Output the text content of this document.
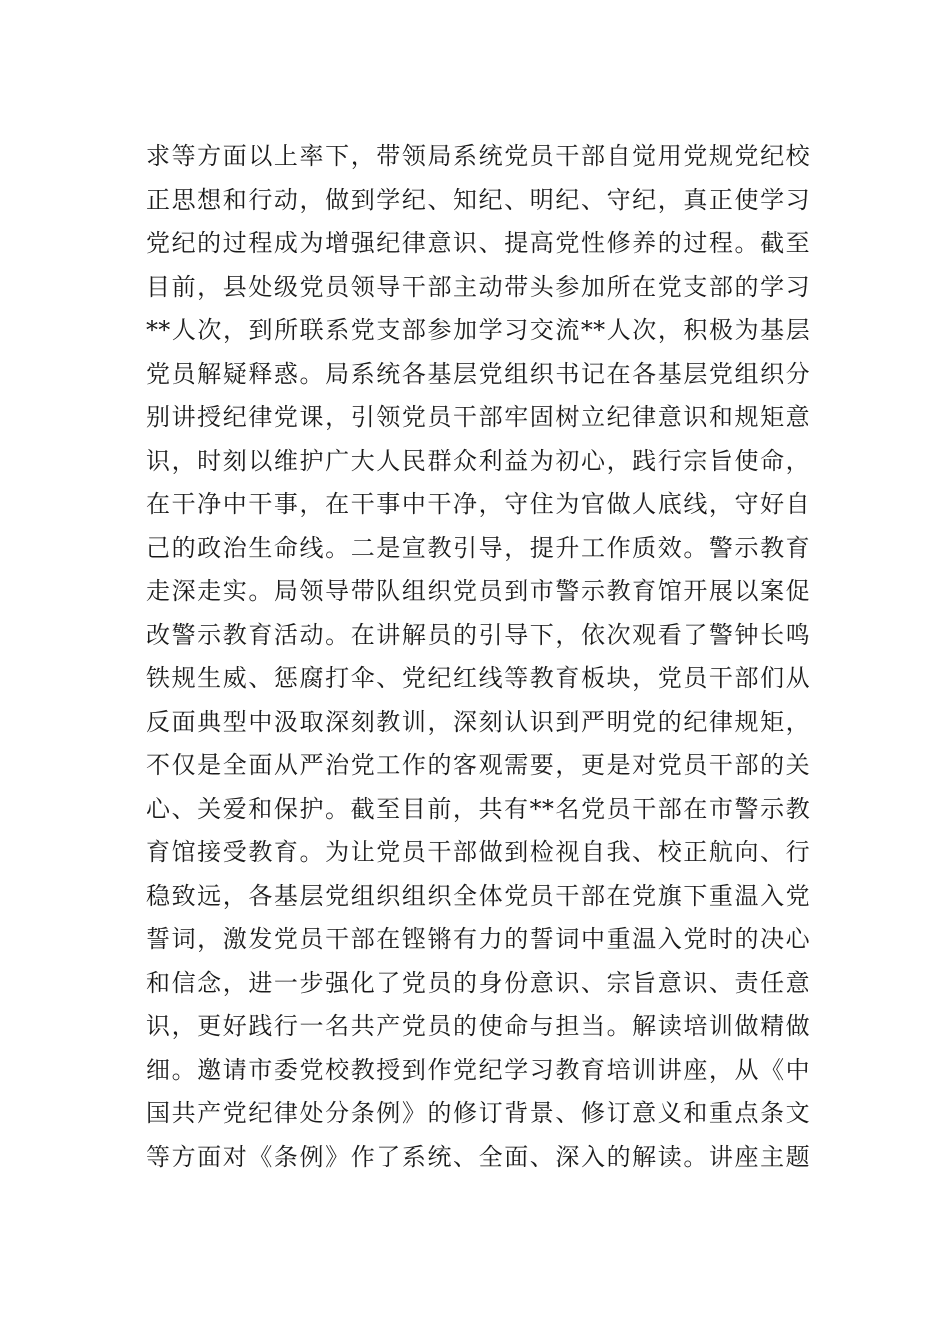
求等方面以上率下，带领局系统党员干部自觉用党规党纪校
正思想和行动，做到学纪、知纪、明纪、守纪，真正使学习
党纪的过程成为增强纪律意识、提高党性修养的过程。截至
目前，县处级党员领导干部主动带头参加所在党支部的学习
**人次，到所联系党支部参加学习交流**人次，积极为基层
党员解疑释惑。局系统各基层党组织书记在各基层党组织分
别讲授纪律党课，引领党员干部牢固树立纪律意识和规矩意
识，时刻以维护广大人民群众利益为初心，践行宗旨使命，
在干净中干事，在干事中干净，守住为官做人底线，守好自
己的政治生命线。二是宣教引导，提升工作质效。警示教育
走深走实。局领导带队组织党员到市警示教育馆开展以案促
改警示教育活动。在讲解员的引导下，依次观看了警钟长鸣
铁规生威、惩腐打伞、党纪红线等教育板块，党员干部们从
反面典型中汲取深刻教训，深刻认识到严明党的纪律规矩，
不仅是全面从严治党工作的客观需要，更是对党员干部的关
心、关爱和保护。截至目前，共有**名党员干部在市警示教
育馆接受教育。为让党员干部做到检视自我、校正航向、行
稳致远，各基层党组织组织全体党员干部在党旗下重温入党
誓词，激发党员干部在铿锵有力的誓词中重温入党时的决心
和信念，进一步强化了党员的身份意识、宗旨意识、责任意
识，更好践行一名共产党员的使命与担当。解读培训做精做
细。邀请市委党校教授到作党纪学习教育培训讲座，从《中
国共产党纪律处分条例》的修订背景、修订意义和重点条文
等方面对《条例》作了系统、全面、深入的解读。讲座主题
